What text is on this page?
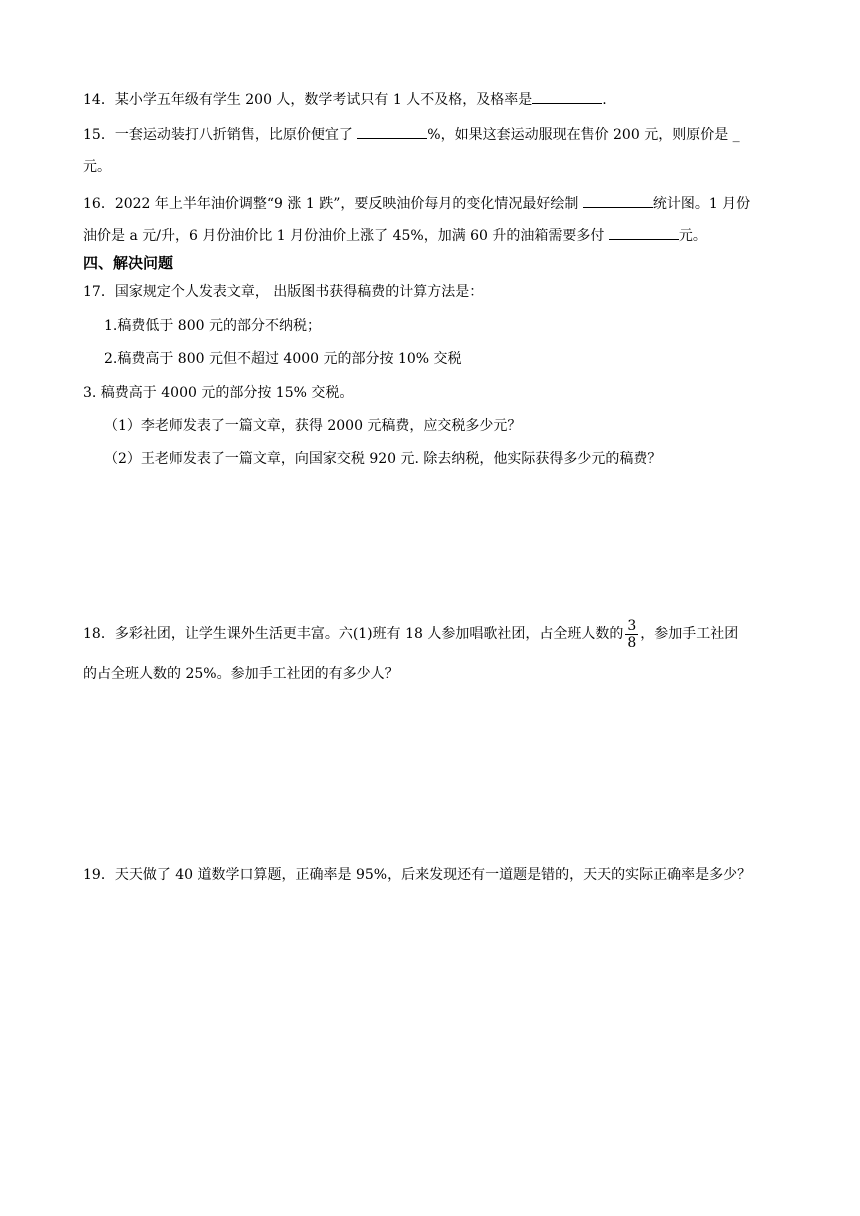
14．某小学五年级有学生 200 人，数学考试只有 1 人不及格，及格率是	.
15．一套运动装打八折销售，比原价便宜了	%，如果这套运动服现在售价 200 元，则原价是 _
元。
16．2022 年上半年油价调整“9 涨 1 跌”，要反映油价每月的变化情况最好绘制	统计图。1 月份
油价是 a 元/升，6 月份油价比 1 月份油价上涨了 45%，加满 60 升的油箱需要多付	元。
四、解决问题
17．国家规定个人发表文章， 出版图书获得稿费的计算方法是：
1.稿费低于 800 元的部分不纳税；
2.稿费高于 800 元但不超过 4000 元的部分按 10% 交税
3. 稿费高于 4000 元的部分按 15% 交税。
（1）李老师发表了一篇文章，获得 2000 元稿费，应交税多少元？
（2）王老师发表了一篇文章，向国家交税 920 元. 除去纳税，他实际获得多少元的稿费？
18．多彩社团，让学生课外生活更丰富。六(1)班有 18 人参加唱歌社团，占全班人数的 $\frac{3}{8}$ ，参加手工社团
的占全班人数的 25%。参加手工社团的有多少人？
19．天天做了 40 道数学口算题，正确率是 95%，后来发现还有一道题是错的，天天的实际正确率是多少？
